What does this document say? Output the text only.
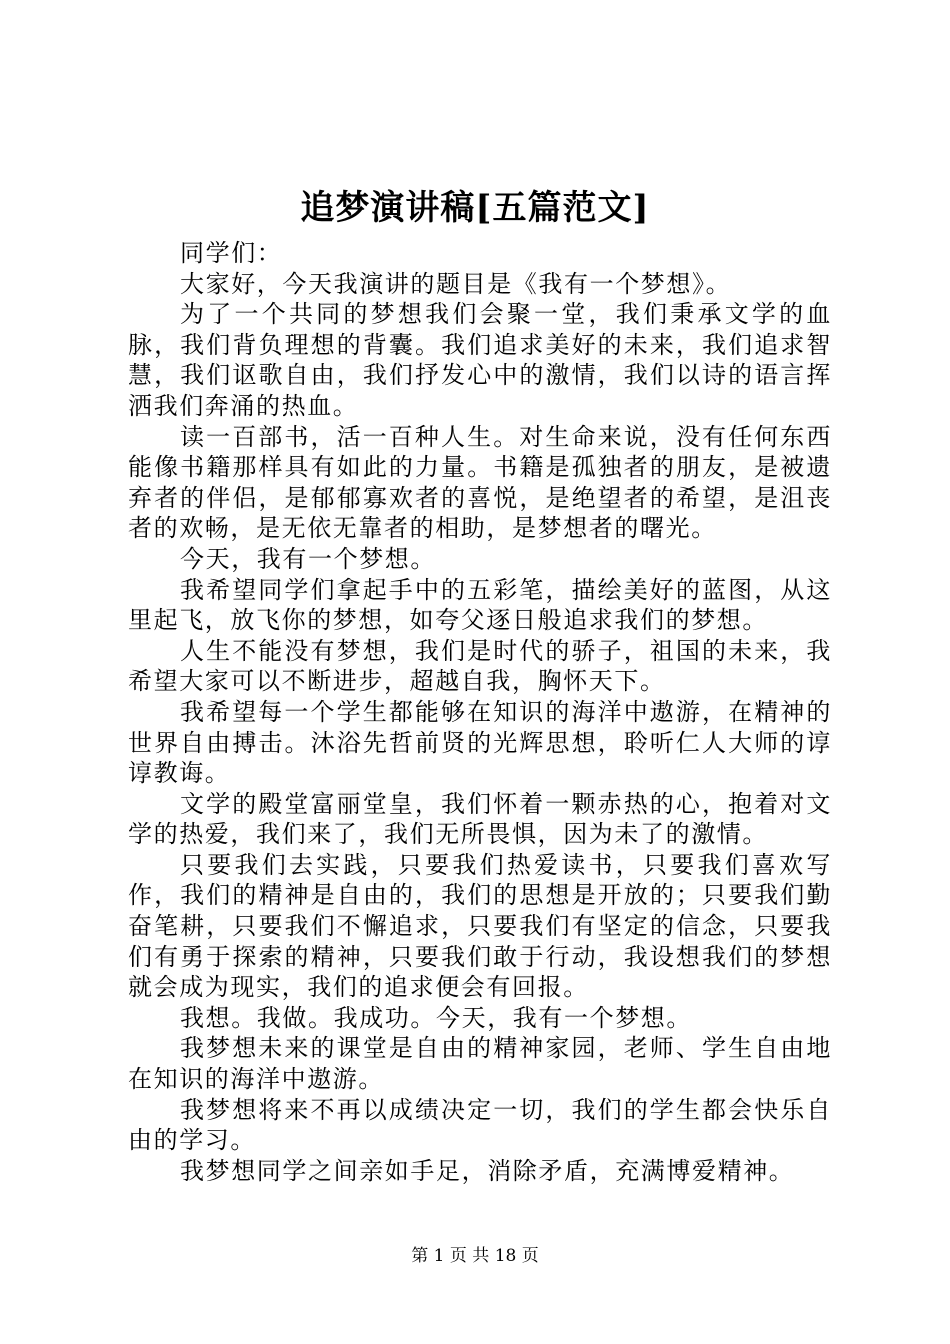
追梦演讲稿[五篇范文]

同学们：

大家好，今天我演讲的题目是《我有一个梦想》。

为了一个共同的梦想我们会聚一堂，我们秉承文学的血脉，我们背负理想的背囊。我们追求美好的未来，我们追求智慧，我们讴歌自由，我们抒发心中的激情，我们以诗的语言挥洒我们奔涌的热血。

读一百部书，活一百种人生。对生命来说，没有任何东西能像书籍那样具有如此的力量。书籍是孤独者的朋友，是被遗弃者的伴侣，是郁郁寡欢者的喜悦，是绝望者的希望，是沮丧者的欢畅，是无依无靠者的相助，是梦想者的曙光。

今天，我有一个梦想。

我希望同学们拿起手中的五彩笔，描绘美好的蓝图，从这里起飞，放飞你的梦想，如夸父逐日般追求我们的梦想。

人生不能没有梦想，我们是时代的骄子，祖国的未来，我希望大家可以不断进步，超越自我，胸怀天下。

我希望每一个学生都能够在知识的海洋中遨游，在精神的世界自由搏击。沐浴先哲前贤的光辉思想，聆听仁人大师的谆谆教诲。

文学的殿堂富丽堂皇，我们怀着一颗赤热的心，抱着对文学的热爱，我们来了，我们无所畏惧，因为未了的激情。

只要我们去实践，只要我们热爱读书，只要我们喜欢写作，我们的精神是自由的，我们的思想是开放的；只要我们勤奋笔耕，只要我们不懈追求，只要我们有坚定的信念，只要我们有勇于探索的精神，只要我们敢于行动，我设想我们的梦想就会成为现实，我们的追求便会有回报。

我想。我做。我成功。今天，我有一个梦想。

我梦想未来的课堂是自由的精神家园，老师、学生自由地在知识的海洋中遨游。

我梦想将来不再以成绩决定一切，我们的学生都会快乐自由的学习。

我梦想同学之间亲如手足，消除矛盾，充满博爱精神。

第 1 页 共 18 页
